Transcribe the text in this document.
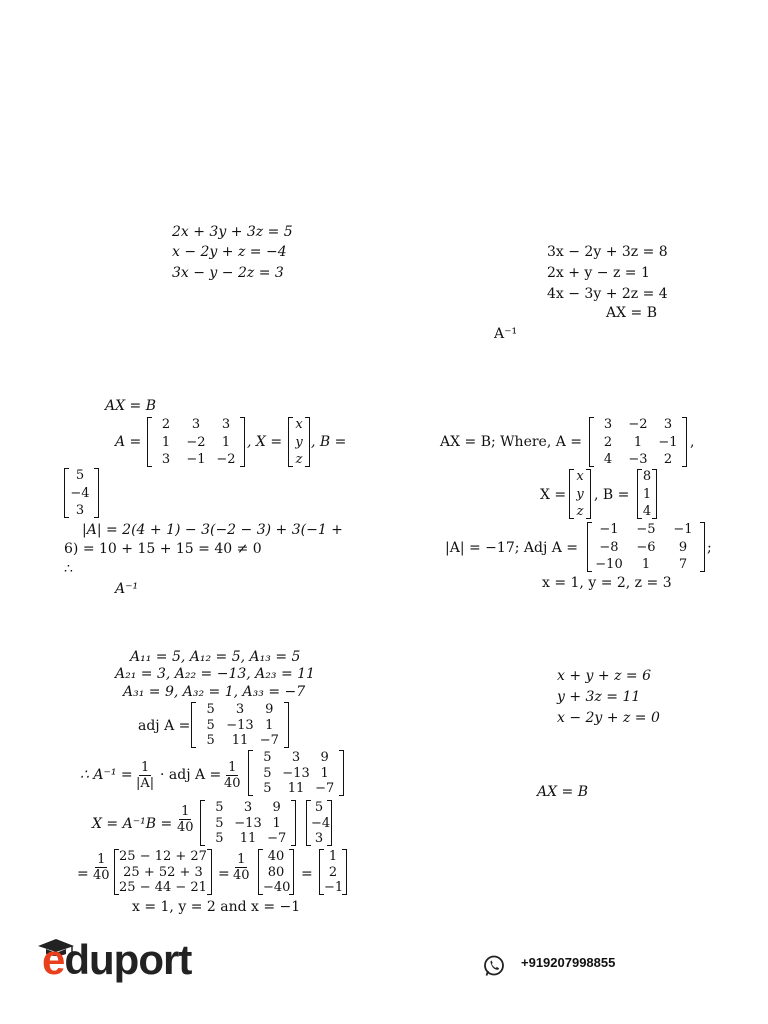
2x + 3y + 3z = 5
x − 2y + z = −4
3x − y − 2z = 3
3x − 2y + 3z = 8
2x + y − z = 1
4x − 3y + 2z = 4
AX = B
A⁻¹
AX = B
A =
2	3	3
1	−2	1
3	−1 −2
, X =
x
y
z
, B =
5
−4
3
|A| = 2(4 + 1) − 3(−2 − 3) + 3(−1 +
6) = 10 + 15 + 15 = 40 ≠ 0
∴
A⁻¹
AX = B; Where, A =
3	−2	3
2	1	−1
4	−3	2
,
X =
x
y
z
, B =
8
1
4
|A| = −17; Adj A =
−1	−5	−1
−8	−6	9
−10	1	7
;
x = 1, y = 2, z = 3
A₁₁ = 5, A₁₂ = 5, A₁₃ = 5
A₂₁ = 3, A₂₂ = −13, A₂₃ = 11
A₃₁ = 9, A₃₂ = 1, A₃₃ = −7
adj A =
5	3	9
5 −13 1
5	11 −7
∴ $A^{-1} = \frac{1}{|A|}$ · adj $A = \frac{1}{40}$
5	3	9
5 −13 1
5	11 −7
$X = A^{-1}B = \frac{1}{40}$	5	3	9
5 −13 1
5	11 −7
5
−4
3
= $\frac{1}{40} 25 - 12 + 27$
25 + 52 + 3
25 − 44 − 21
= $\frac{1}{40}$	40
80
−40
=
1
2
−1
x = 1, y = 2 and x = −1
x + y + z = 6
y + 3z = 11
x − 2y + z = 0
AX = B
eduport	+919207998855
